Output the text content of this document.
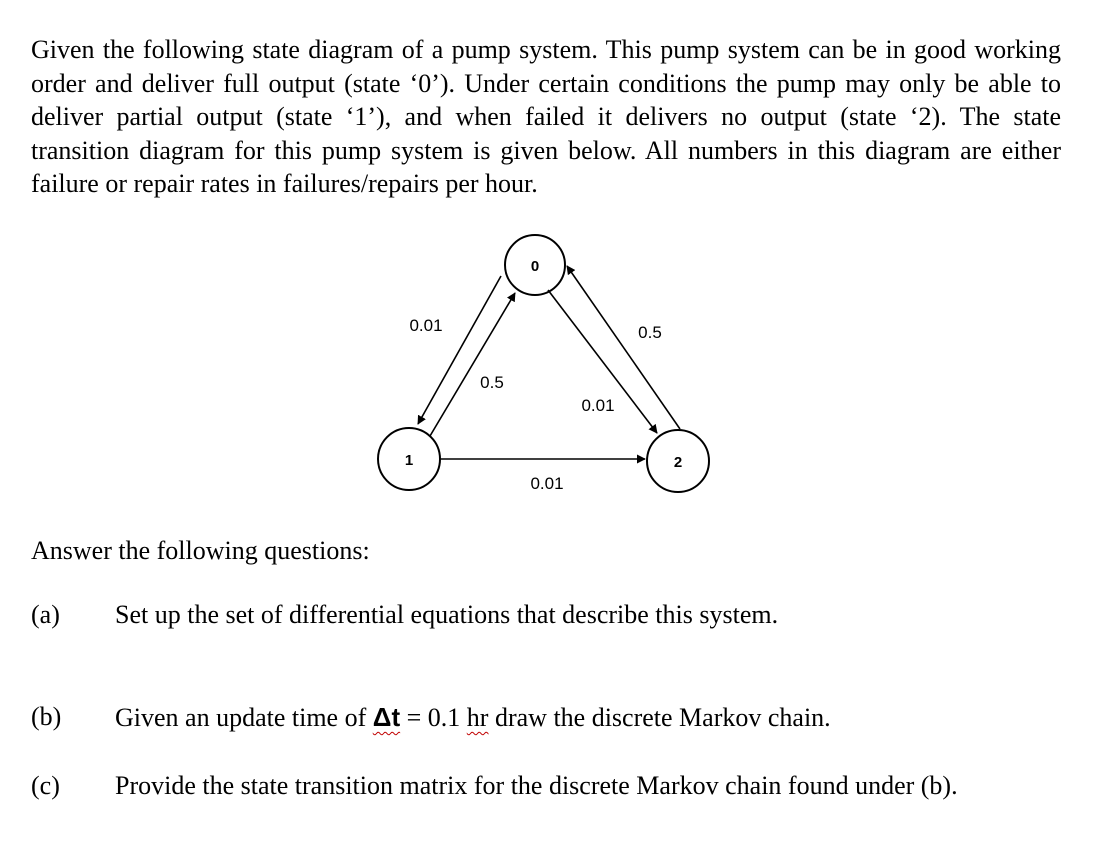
Given the following state diagram of a pump system. This pump system can be in good working order and deliver full output (state ‘0’). Under certain conditions the pump may only be able to deliver partial output (state ‘1’), and when failed it delivers no output (state ‘2). The state transition diagram for this pump system is given below. All numbers in this diagram are either failure or repair rates in failures/repairs per hour.

0
1	2
0.01
0.5
0.5
0.01
0.01

Answer the following questions:

(a) Set up the set of differential equations that describe this system.
(b) Given an update time of Δt = 0.1 hr draw the discrete Markov chain.
(c) Provide the state transition matrix for the discrete Markov chain found under (b).
